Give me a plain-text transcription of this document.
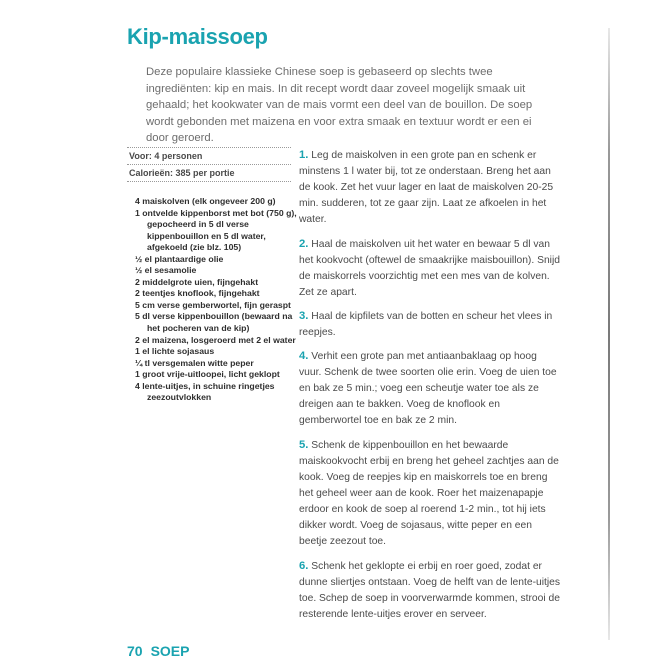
Kip-maissoep

Deze populaire klassieke Chinese soep is gebaseerd op slechts twee ingrediënten: kip en mais. In dit recept wordt daar zoveel mogelijk smaak uit gehaald; het kookwater van de mais vormt een deel van de bouillon. De soep wordt gebonden met maizena en voor extra smaak en textuur wordt er een ei door geroerd.

Voor: 4 personen
Calorieën: 385 per portie
4 maiskolven (elk ongeveer 200 g)
1 ontvelde kippenborst met bot (750 g), gepocheerd in 5 dl verse kippenbouillon en 5 dl water, afgekoeld (zie blz. 105)
½ el plantaardige olie
½ el sesamolie
2 middelgrote uien, fijngehakt
2 teentjes knoflook, fijngehakt
5 cm verse gemberwortel, fijn geraspt
5 dl verse kippenbouillon (bewaard na het pocheren van de kip)
2 el maizena, losgeroerd met 2 el water
1 el lichte sojasaus
¼ tl versgemalen witte peper
1 groot vrije-uitloopei, licht geklopt
4 lente-uitjes, in schuine ringetjes zeezoutvlokken
1. Leg de maiskolven in een grote pan en schenk er minstens 1 l water bij, tot ze onderstaan. Breng het aan de kook. Zet het vuur lager en laat de maiskolven 20-25 min. sudderen, tot ze gaar zijn. Laat ze afkoelen in het water.
2. Haal de maiskolven uit het water en bewaar 5 dl van het kookvocht (oftewel de smaakrijke maisbouillon). Snijd de maiskorrels voorzichtig met een mes van de kolven. Zet ze apart.
3. Haal de kipfilets van de botten en scheur het vlees in reepjes.
4. Verhit een grote pan met antiaanbaklaag op hoog vuur. Schenk de twee soorten olie erin. Voeg de uien toe en bak ze 5 min.; voeg een scheutje water toe als ze dreigen aan te bakken. Voeg de knoflook en gemberwortel toe en bak ze 2 min.
5. Schenk de kippenbouillon en het bewaarde maiskookvocht erbij en breng het geheel zachtjes aan de kook. Voeg de reepjes kip en maiskorrels toe en breng het geheel weer aan de kook. Roer het maizenapapje erdoor en kook de soep al roerend 1-2 min., tot hij iets dikker wordt. Voeg de sojasaus, witte peper en een beetje zeezout toe.
6. Schenk het geklopte ei erbij en roer goed, zodat er dunne sliertjes ontstaan. Voeg de helft van de lente-uitjes toe. Schep de soep in voorverwarmde kommen, strooi de resterende lente-uitjes erover en serveer.
70 SOEP
